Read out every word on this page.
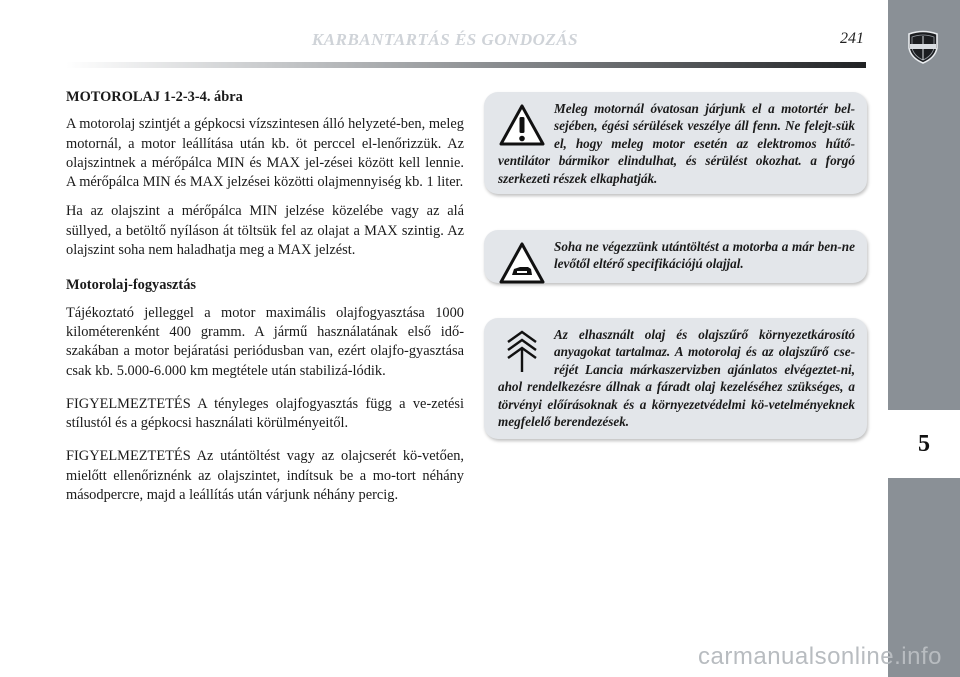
KARBANTARTÁS ÉS GONDOZÁS	241
5
MOTOROLAJ 1-2-3-4. ábra

A motorolaj szintjét a gépkocsi vízszintesen álló helyzeté-ben, meleg motornál, a motor leállítása után kb. öt perccel el-lenőrizzük. Az olajszintnek a mérőpálca MIN és MAX jel-zései között kell lennie. A mérőpálca MIN és MAX jelzései közötti olajmennyiség kb. 1 liter.

Ha az olajszint a mérőpálca MIN jelzése közelébe vagy az alá süllyed, a betöltő nyíláson át töltsük fel az olajat a MAX szintig. Az olajszint soha nem haladhatja meg a MAX jelzést.

Motorolaj-fogyasztás

Tájékoztató jelleggel a motor maximális olajfogyasztása 1000 kilométerenként 400 gramm. A jármű használatának első idő-szakában a motor bejáratási periódusban van, ezért olajfo-gyasztása csak kb. 5.000-6.000 km megtétele után stabilizá-lódik.

FIGYELMEZTETÉS A tényleges olajfogyasztás függ a ve-zetési stílustól és a gépkocsi használati körülményeitől.

FIGYELMEZTETÉS Az utántöltést vagy az olajcserét kö-vetően, mielőtt ellenőriznénk az olajszintet, indítsuk be a mo-tort néhány másodpercre, majd a leállítás után várjunk néhány percig.

Meleg motornál óvatosan járjunk el a motortér bel-sejében, égési sérülések veszélye áll fenn. Ne felejt-sük el, hogy meleg motor esetén az elektromos hűtő-ventilátor bármikor elindulhat, és sérülést okozhat. a forgó szerkezeti részek elkaphatják.
Soha ne végezzünk utántöltést a motorba a már ben-ne levőtől eltérő specifikációjú olajjal.
Az elhasznált olaj és olajszűrő környezetkárosító anyagokat tartalmaz. A motorolaj és az olajszűrő cse-réjét Lancia márkaszervizben ajánlatos elvégeztet-ni, ahol rendelkezésre állnak a fáradt olaj kezeléséhez szükséges, a törvényi előírásoknak és a környezetvédelmi kö-vetelményeknek megfelelő berendezések.
carmanualsonline.info
